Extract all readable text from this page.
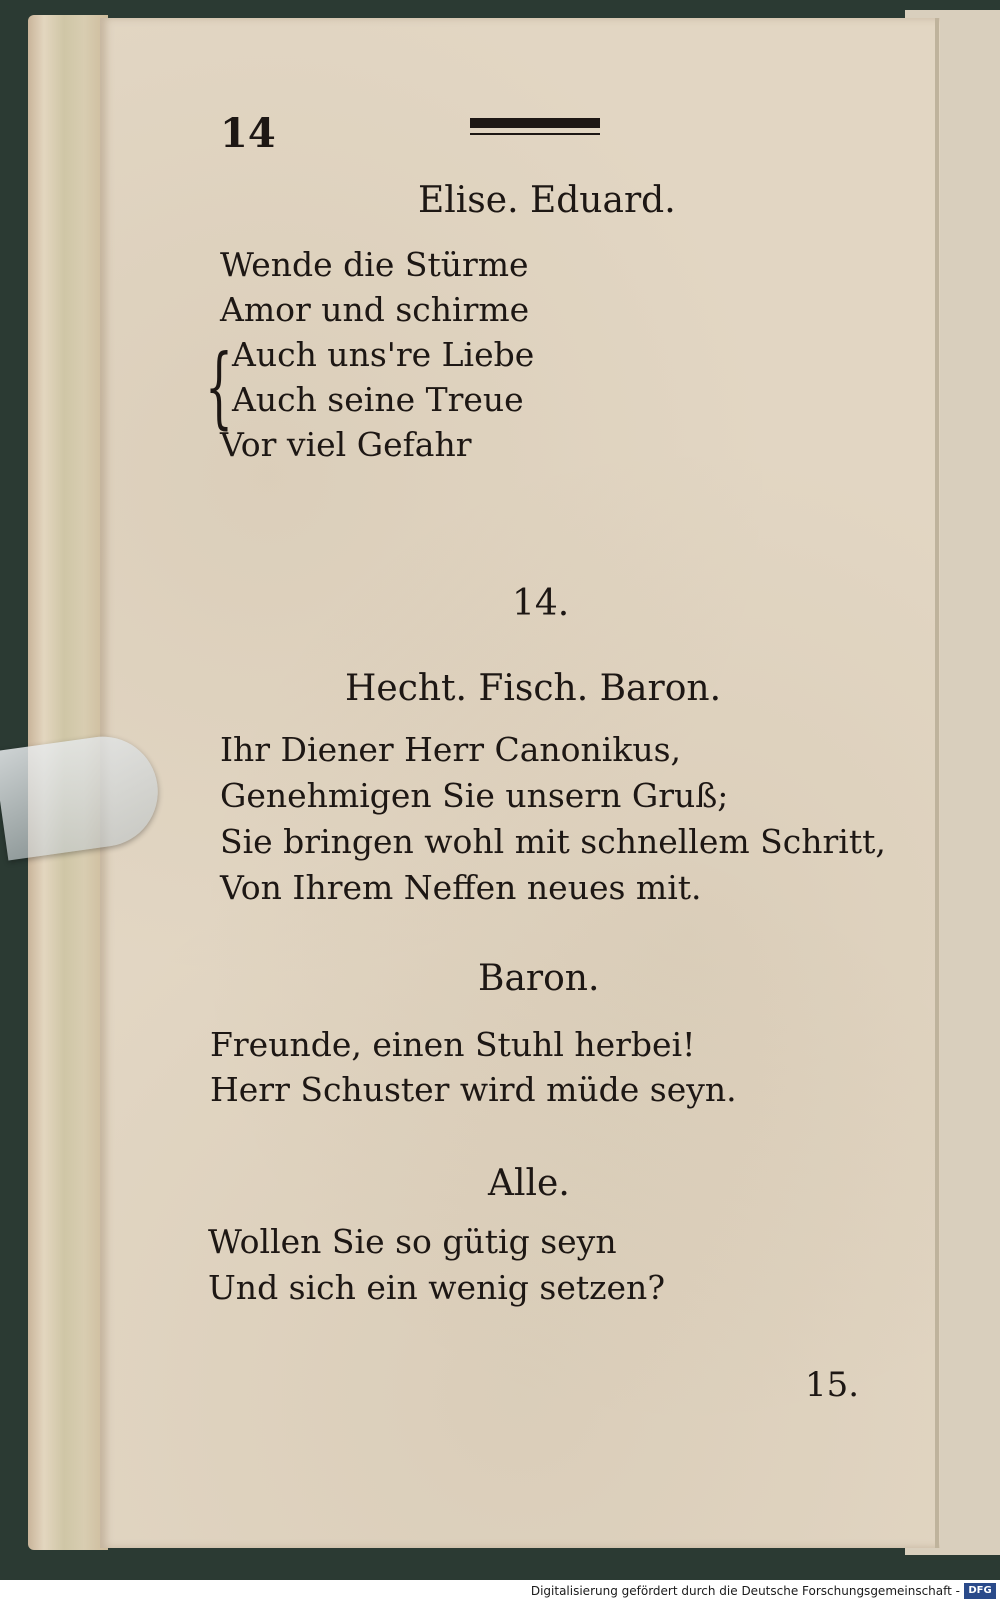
14
Elise. Eduard.
Wende die Stürme
Amor und schirme
{ Auch uns're Liebe
Auch seine Treue
Vor viel Gefahr
14.
Hecht. Fisch. Baron.
Ihr Diener Herr Canonikus,
Genehmigen Sie unsern Gruß;
Sie bringen wohl mit schnellem Schritt,
Von Ihrem Neffen neues mit.
Baron.
Freunde, einen Stuhl herbei!
Herr Schuster wird müde seyn.
Alle.
Wollen Sie so gütig seyn
Und sich ein wenig setzen?
15.
Digitalisierung gefördert durch die Deutsche Forschungsgemeinschaft - DFG
